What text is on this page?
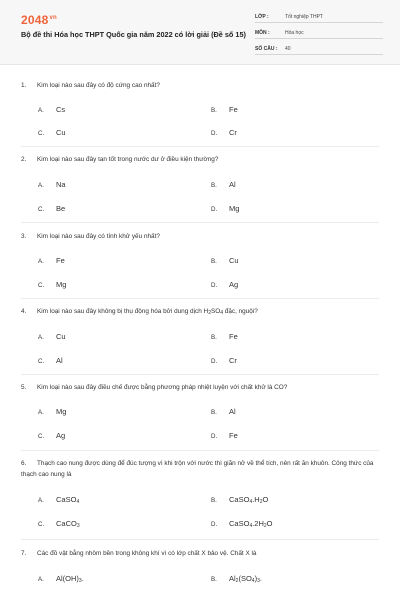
$2048^{vn}$
Bộ đề thi Hóa học THPT Quốc gia năm 2022 có lời giải (Đề số 15)
LỚP :	Tốt nghiệp THPT
MÔN :	Hóa học
SỐ CÂU :	40
1. Kim loại nào sau đây có độ cứng cao nhất?
A. Cs	B. Fe
C. Cu	D. Cr
2. Kim loại nào sau đây tan tốt trong nước dư ở điều kiện thường?
A. Na	B. Al
C. Be	D. Mg
3. Kim loại nào sau đây có tính khử yếu nhất?
A. Fe	B. Cu
C. Mg	D. Ag
4. Kim loại nào sau đây không bị thụ động hóa bởi dung dịch $H_2SO_4$ đặc, nguội?
A. Cu	B. Fe
C. Al	D. Cr
5. Kim loại nào sau đây điều chế được bằng phương pháp nhiệt luyện với chất khử là CO?
A. Mg	B. Al
C. Ag	D. Fe
6. Thạch cao nung được dùng để đúc tượng vì khi trộn với nước thì giãn nở về thể tích, nên rất ăn khuôn. Công thức của thạch cao nung là
A. CaSO$_4$	B. $CaSO_4.H_2O$
C. CaCO$_3$	D. $CaSO_4.2H_2O$
7. Các đồ vật bằng nhôm bền trong không khí vì có lớp chất X bảo vệ. Chất X là
A. $Al(OH)_3$.	B. $Al_2(SO_4)_3$.
